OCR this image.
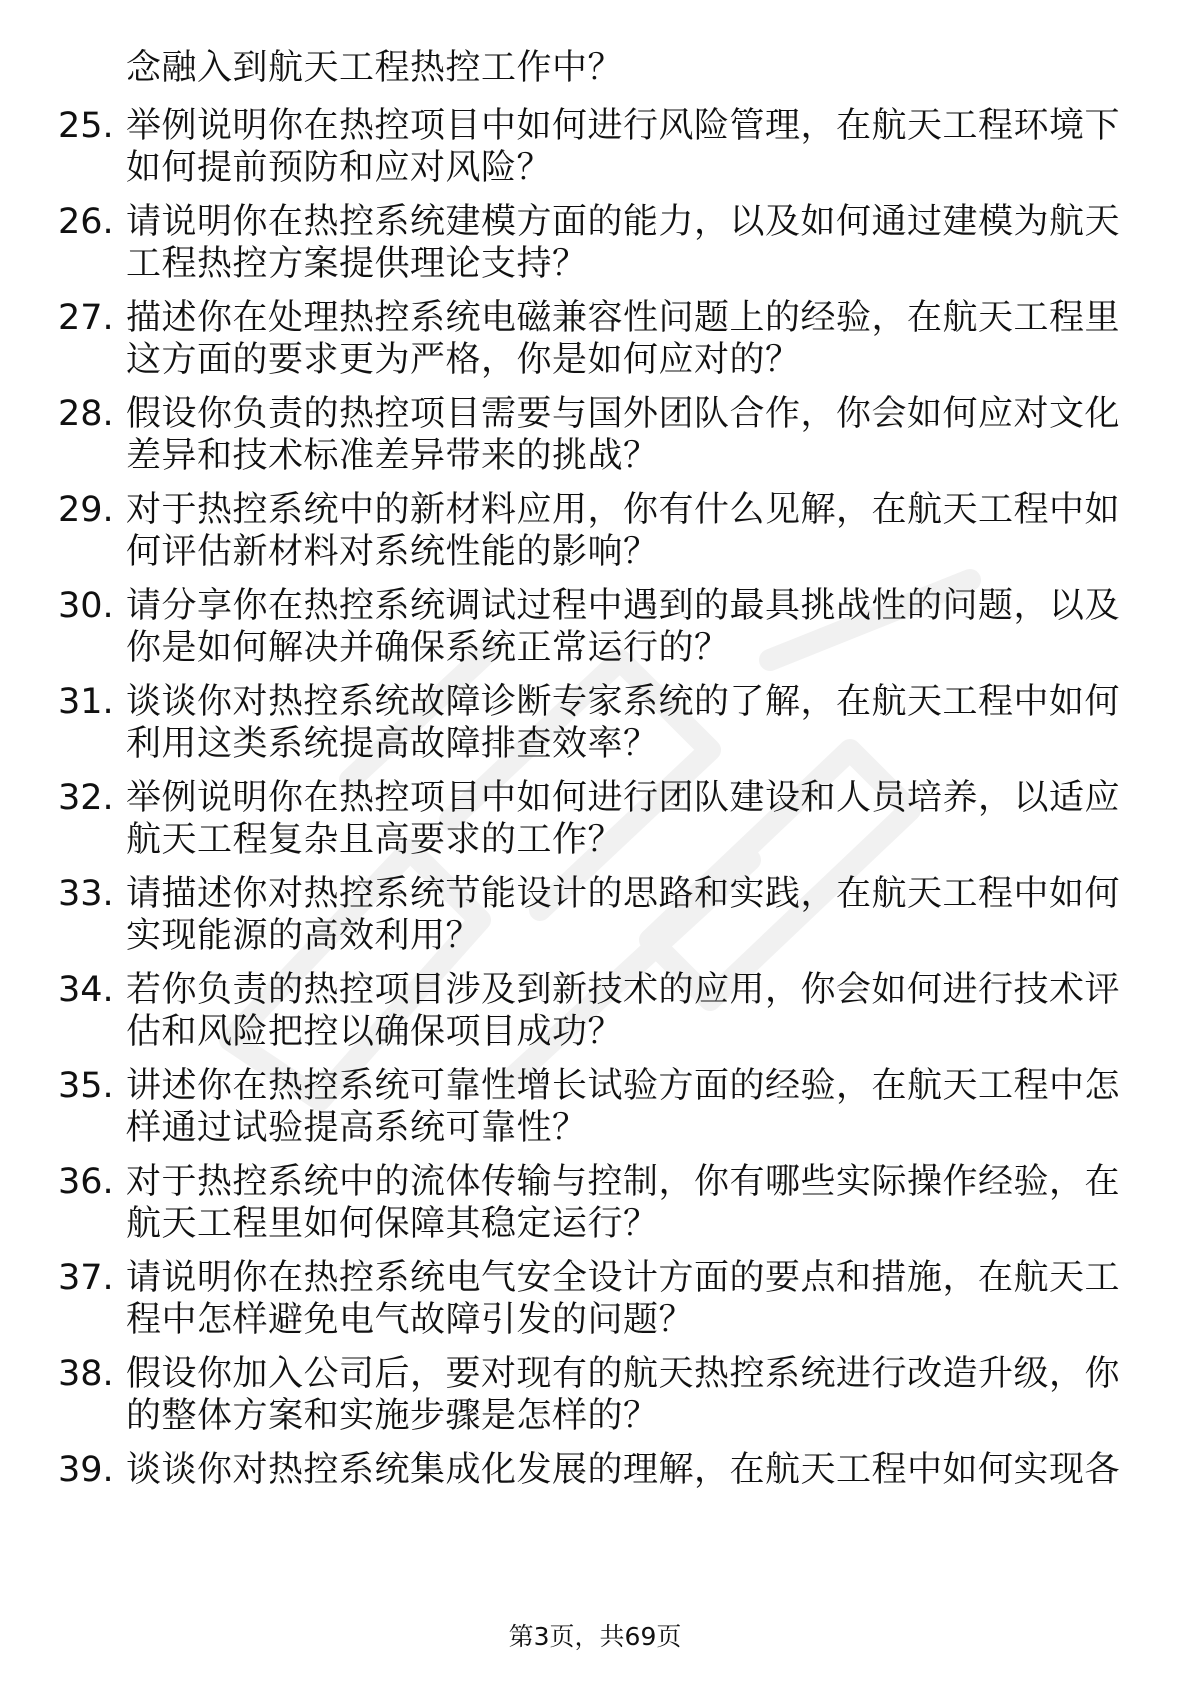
念融入到航天工程热控工作中？
25. 举例说明你在热控项目中如何进行风险管理，在航天工程环境下
如何提前预防和应对风险？
26. 请说明你在热控系统建模方面的能力，以及如何通过建模为航天
工程热控方案提供理论支持？
27. 描述你在处理热控系统电磁兼容性问题上的经验，在航天工程里
这方面的要求更为严格，你是如何应对的？
28. 假设你负责的热控项目需要与国外团队合作，你会如何应对文化
差异和技术标准差异带来的挑战？
29. 对于热控系统中的新材料应用，你有什么见解，在航天工程中如
何评估新材料对系统性能的影响？
30. 请分享你在热控系统调试过程中遇到的最具挑战性的问题，以及
你是如何解决并确保系统正常运行的？
31. 谈谈你对热控系统故障诊断专家系统的了解，在航天工程中如何
利用这类系统提高故障排查效率？
32. 举例说明你在热控项目中如何进行团队建设和人员培养，以适应
航天工程复杂且高要求的工作？
33. 请描述你对热控系统节能设计的思路和实践，在航天工程中如何
实现能源的高效利用？
34. 若你负责的热控项目涉及到新技术的应用，你会如何进行技术评
估和风险把控以确保项目成功？
35. 讲述你在热控系统可靠性增长试验方面的经验，在航天工程中怎
样通过试验提高系统可靠性？
36. 对于热控系统中的流体传输与控制，你有哪些实际操作经验，在
航天工程里如何保障其稳定运行？
37. 请说明你在热控系统电气安全设计方面的要点和措施，在航天工
程中怎样避免电气故障引发的问题？
38. 假设你加入公司后，要对现有的航天热控系统进行改造升级，你
的整体方案和实施步骤是怎样的？
39. 谈谈你对热控系统集成化发展的理解，在航天工程中如何实现各
第3页，共69页
